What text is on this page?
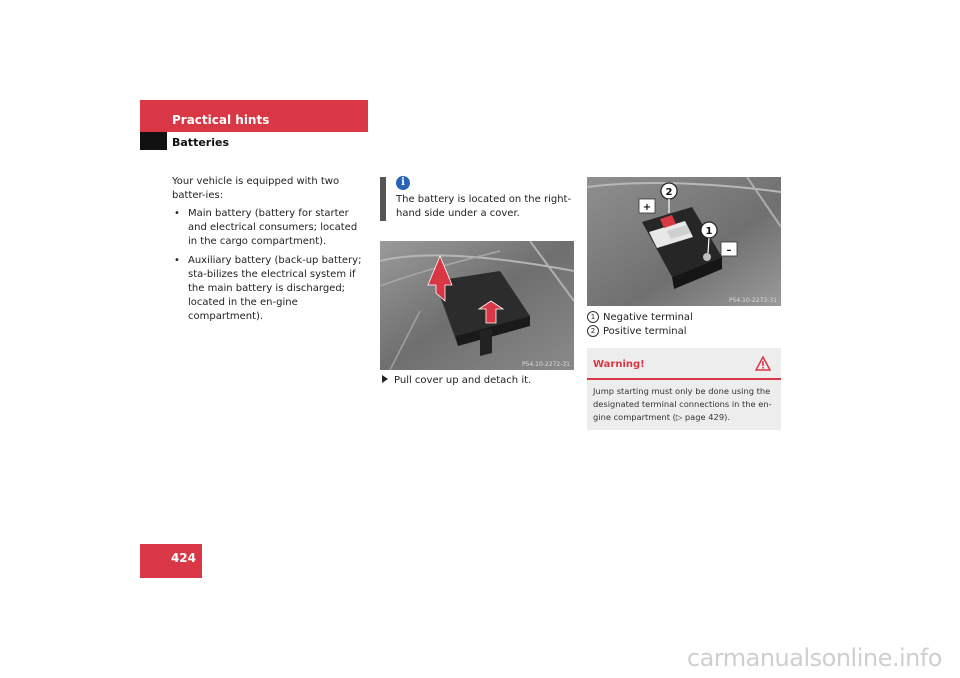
Practical hints
Batteries

Your vehicle is equipped with two batter-ies:

• Main battery (battery for starter and electrical consumers; located in the cargo compartment).
• Auxiliary battery (back-up battery; sta-bilizes the electrical system if the main battery is discharged; located in the en-gine compartment).
i
The battery is located on the right-hand side under a cover.
P54.10-2272-31
Pull cover up and detach it.
+
–
2
1
P54.10-2273-31
1 Negative terminal
2 Positive terminal
Warning!
Jump starting must only be done using the designated terminal connections in the en-gine compartment (▷ page 429).
424
carmanualsonline.info
